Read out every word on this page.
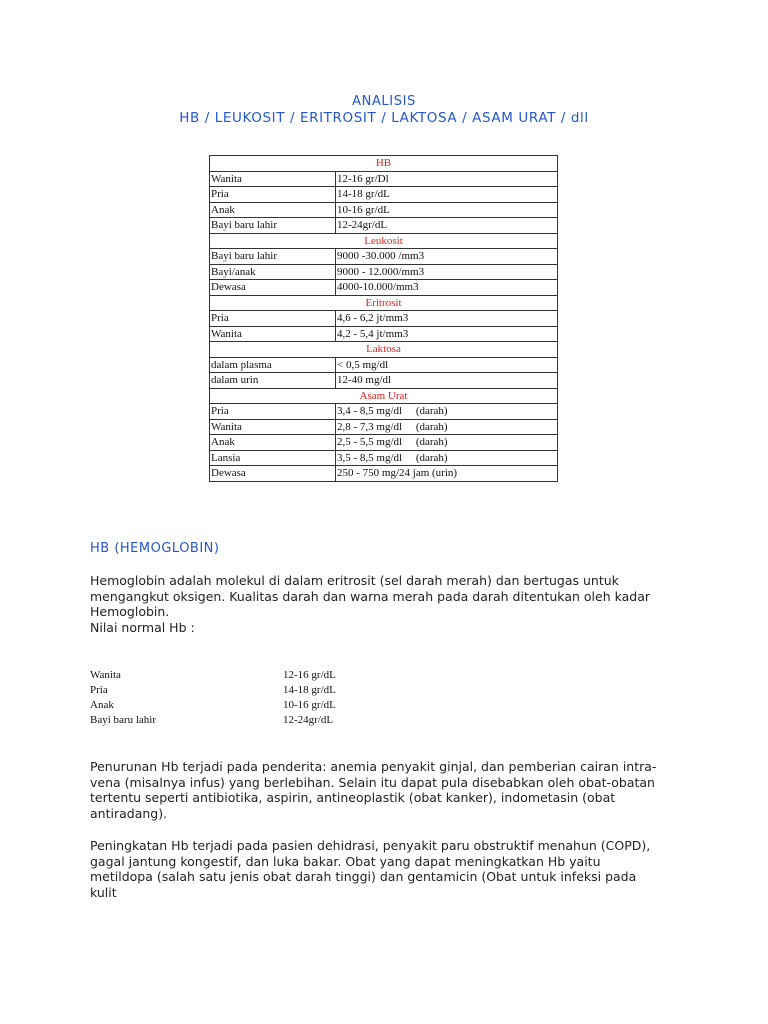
ANALISIS
HB / LEUKOSIT / ERITROSIT / LAKTOSA / ASAM URAT / dll
HB	
Wanita	12-16 gr/Dl
Pria	14-18 gr/dL
Anak	10-16 gr/dL
Bayi baru lahir	12-24gr/dL
Leukosit	
Bayi baru lahir	9000 -30.000 /mm3
Bayi/anak	9000 - 12.000/mm3
Dewasa	4000-10.000/mm3
Eritrosit	
Pria	4,6 - 6,2 jt/mm3
Wanita	4,2 - 5,4 jt/mm3
Laktosa	
dalam plasma	< 0,5 mg/dl
dalam urin	12-40 mg/dl
Asam Urat	
Pria	3,4 - 8,5 mg/dl     (darah)
Wanita	2,8 - 7,3 mg/dl     (darah)
Anak	2,5 - 5,5 mg/dl     (darah)
Lansia	3,5 - 8,5 mg/dl     (darah)
Dewasa	250 - 750 mg/24 jam (urin)
HB (HEMOGLOBIN)
Hemoglobin adalah molekul di dalam eritrosit (sel darah merah) dan bertugas untuk
mengangkut oksigen. Kualitas darah dan warna merah pada darah ditentukan oleh kadar
Hemoglobin.
Nilai normal Hb :
Wanita	12-16 gr/dL
Pria	14-18 gr/dL
Anak	10-16 gr/dL
Bayi baru lahir	12-24gr/dL
Penurunan Hb terjadi pada penderita: anemia penyakit ginjal, dan pemberian cairan intra-
vena (misalnya infus) yang berlebihan. Selain itu dapat pula disebabkan oleh obat-obatan
tertentu seperti antibiotika, aspirin, antineoplastik (obat kanker), indometasin (obat
antiradang).
Peningkatan Hb terjadi pada pasien dehidrasi, penyakit paru obstruktif menahun (COPD),
gagal jantung kongestif, dan luka bakar. Obat yang dapat meningkatkan Hb yaitu
metildopa (salah satu jenis obat darah tinggi) dan gentamicin (Obat untuk infeksi pada
kulit
